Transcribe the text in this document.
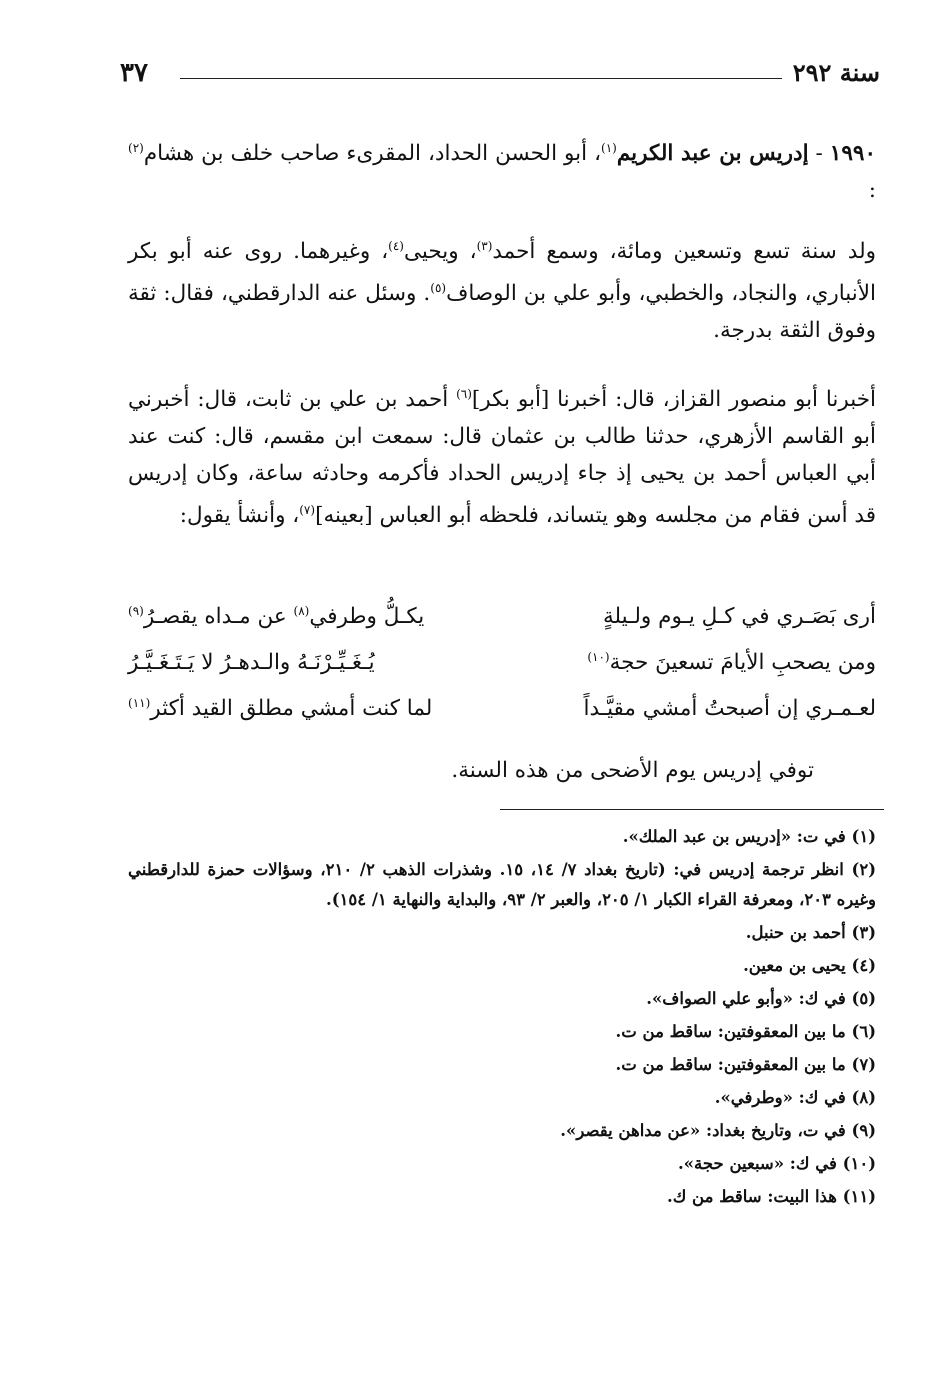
سنة ٢٩٢
٣٧
١٩٩٠ - إدريس بن عبد الكريم$^{(١)}$، أبو الحسن الحداد، المقرىء صاحب خلف بن هشام$^{(٢)}$ :
ولد سنة تسع وتسعين ومائة، وسمع أحمد$^{(٣)}$، ويحيى$^{(٤)}$، وغيرهما. روى عنه أبو بكر الأنباري، والنجاد، والخطبي، وأبو علي بن الوصاف$^{(٥)}$. وسئل عنه الدارقطني، فقال: ثقة وفوق الثقة بدرجة.
أخبرنا أبو منصور القزاز، قال: أخبرنا [أبو بكر]$^{(٦)}$ أحمد بن علي بن ثابت، قال: أخبرني أبو القاسم الأزهري، حدثنا طالب بن عثمان قال: سمعت ابن مقسم، قال: كنت عند أبي العباس أحمد بن يحيى إذ جاء إدريس الحداد فأكرمه وحادثه ساعة، وكان إدريس قد أسن فقام من مجلسه وهو يتساند، فلحظه أبو العباس [بعينه]$^{(٧)}$، وأنشأ يقول:
أرى بَصَـري في كـلِ يـوم ولـيلةٍ
يكـلُّ وطرفي$^{(٨)}$ عن مـداه يقصـرُ$^{(٩)}$
ومن يصحبِ الأيامَ تسعينَ حجة$^{(١٠)}$
يُـغَـيِّـرْنَـهُ والـدهـرُ لا يَـتَـغَـيَّـرُ
لعـمـري إن أصبحتُ أمشي مقيَّـداً
لما كنت أمشي مطلق القيد أكثر$^{(١١)}$
توفي إدريس يوم الأضحى من هذه السنة.

(١) في ت: «إدريس بن عبد الملك».

(٢) انظر ترجمة إدريس في: (تاريخ بغداد ٧/ ١٤، ١٥. وشذرات الذهب ٢/ ٢١٠، وسؤالات حمزة للدارقطني وغيره ٢٠٣، ومعرفة القراء الكبار ١/ ٢٠٥، والعبر ٢/ ٩٣، والبداية والنهاية ١/ ١٥٤).

(٣) أحمد بن حنبل.

(٤) يحيى بن معين.

(٥) في ك: «وأبو علي الصواف».

(٦) ما بين المعقوفتين: ساقط من ت.

(٧) ما بين المعقوفتين: ساقط من ت.

(٨) في ك: «وطرفي».

(٩) في ت، وتاريخ بغداد: «عن مداهن يقصر».

(١٠) في ك: «سبعين حجة».

(١١) هذا البيت: ساقط من ك.
